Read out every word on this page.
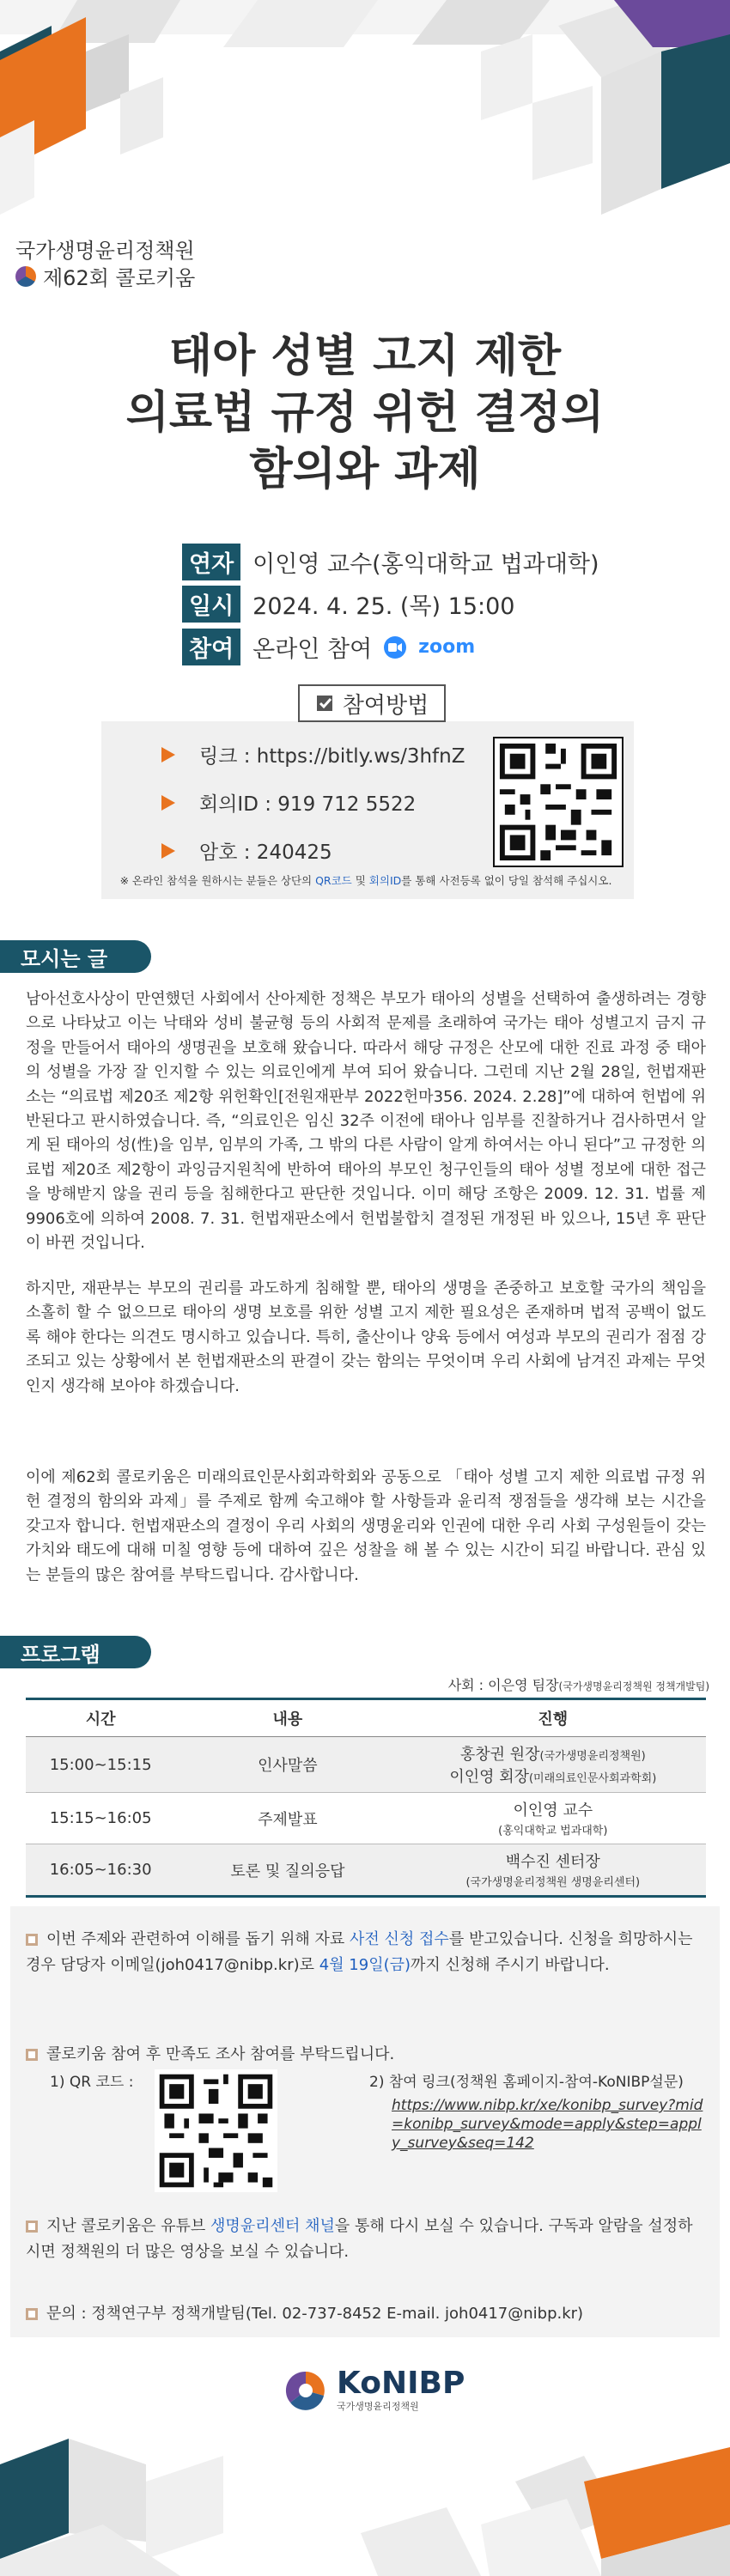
국가생명윤리정책원
제62회 콜로키움
태아 성별 고지 제한
의료법 규정 위헌 결정의
함의와 과제
연자 이인영 교수(홍익대학교 법과대학)
일시 2024. 4. 25. (목) 15:00
참여 온라인 참여 zoom
참여방법
링크 : https://bitly.ws/3hfnZ
회의ID : 919 712 5522
암호 : 240425
※ 온라인 참석을 원하시는 분들은 상단의 QR코드 및 회의ID를 통해 사전등록 없이 당일 참석해 주십시오.
모시는 글

남아선호사상이 만연했던 사회에서 산아제한 정책은 부모가 태아의 성별을 선택하여 출생하려는 경향으로 나타났고 이는 낙태와 성비 불균형 등의 사회적 문제를 초래하여 국가는 태아 성별고지 금지 규정을 만들어서 태아의 생명권을 보호해 왔습니다. 따라서 해당 규정은 산모에 대한 진료 과정 중 태아의 성별을 가장 잘 인지할 수 있는 의료인에게 부여 되어 왔습니다. 그런데 지난 2월 28일, 헌법재판소는 “의료법 제20조 제2항 위헌확인[전원재판부 2022헌마356. 2024. 2.28]”에 대하여 헌법에 위반된다고 판시하였습니다. 즉, “의료인은 임신 32주 이전에 태아나 임부를 진찰하거나 검사하면서 알게 된 태아의 성(性)을 임부, 임부의 가족, 그 밖의 다른 사람이 알게 하여서는 아니 된다”고 규정한 의료법 제20조 제2항이 과잉금지원칙에 반하여 태아의 부모인 청구인들의 태아 성별 정보에 대한 접근을 방해받지 않을 권리 등을 침해한다고 판단한 것입니다. 이미 해당 조항은 2009. 12. 31. 법률 제9906호에 의하여 2008. 7. 31. 헌법재판소에서 헌법불합치 결정된 개정된 바 있으나, 15년 후 판단이 바뀐 것입니다.

하지만, 재판부는 부모의 권리를 과도하게 침해할 뿐, 태아의 생명을 존중하고 보호할 국가의 책임을 소홀히 할 수 없으므로 태아의 생명 보호를 위한 성별 고지 제한 필요성은 존재하며 법적 공백이 없도록 해야 한다는 의견도 명시하고 있습니다. 특히, 출산이나 양육 등에서 여성과 부모의 권리가 점점 강조되고 있는 상황에서 본 헌법재판소의 판결이 갖는 함의는 무엇이며 우리 사회에 남겨진 과제는 무엇인지 생각해 보아야 하겠습니다.

이에 제62회 콜로키움은 미래의료인문사회과학회와 공동으로 「태아 성별 고지 제한 의료법 규정 위헌 결정의 함의와 과제」를 주제로 함께 숙고해야 할 사항들과 윤리적 쟁점들을 생각해 보는 시간을 갖고자 합니다. 헌법재판소의 결정이 우리 사회의 생명윤리와 인권에 대한 우리 사회 구성원들이 갖는 가치와 태도에 대해 미칠 영향 등에 대하여 깊은 성찰을 해 볼 수 있는 시간이 되길 바랍니다. 관심 있는 분들의 많은 참여를 부탁드립니다. 감사합니다.

프로그램
사회 : 이은영 팀장(국가생명윤리정책원 정책개발팀)
시간	내용	진행
15:00~15:15	인사말씀	홍창권 원장(국가생명윤리정책원)
이인영 회장(미래의료인문사회과학회)

15:15~16:05	주제발표	이인영 교수
(홍익대학교 법과대학)

16:05~16:30	토론 및 질의응답	백수진 센터장
(국가생명윤리정책원 생명윤리센터)
이번 주제와 관련하여 이해를 돕기 위해 자료 사전 신청 접수를 받고있습니다. 신청을 희망하시는 경우 담당자 이메일(joh0417@nibp.kr)로 4월 19일(금)까지 신청해 주시기 바랍니다.
콜로키움 참여 후 만족도 조사 참여를 부탁드립니다.
1) QR 코드 :	2) 참여 링크(정책원 홈페이지-참여-KoNIBP설문)
https://www.nibp.kr/xe/konibp_survey?mid=konibp_survey&mode=apply&step=apply_survey&seq=142
지난 콜로키움은 유튜브 생명윤리센터 채널을 통해 다시 보실 수 있습니다. 구독과 알람을 설정하시면 정책원의 더 많은 영상을 보실 수 있습니다.
문의 : 정책연구부 정책개발팀(Tel. 02-737-8452 E-mail. joh0417@nibp.kr)
KoNIBP
국가생명윤리정책원
